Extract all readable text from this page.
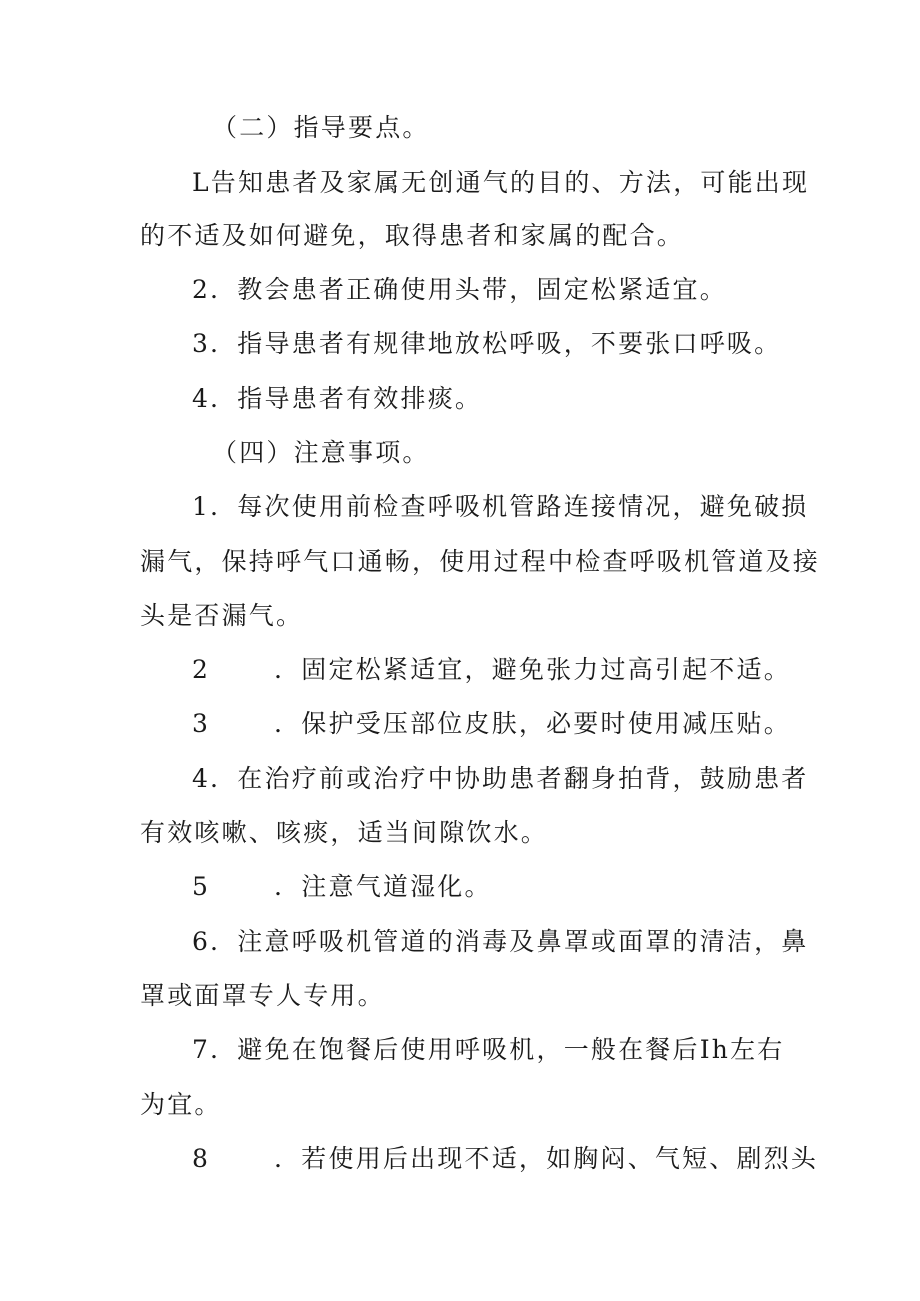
（二）指导要点。
L告知患者及家属无创通气的目的、方法，可能出现
的不适及如何避免，取得患者和家属的配合。
2．教会患者正确使用头带，固定松紧适宜。
3．指导患者有规律地放松呼吸，不要张口呼吸。
4．指导患者有效排痰。
（四）注意事项。
1．每次使用前检查呼吸机管路连接情况，避免破损
漏气，保持呼气口通畅，使用过程中检查呼吸机管道及接
头是否漏气。
2	．固定松紧适宜，避免张力过高引起不适。
3	．保护受压部位皮肤，必要时使用减压贴。
4．在治疗前或治疗中协助患者翻身拍背，鼓励患者
有效咳嗽、咳痰，适当间隙饮水。
5	．注意气道湿化。
6．注意呼吸机管道的消毒及鼻罩或面罩的清洁，鼻
罩或面罩专人专用。
7．避免在饱餐后使用呼吸机，一般在餐后Ih左右
为宜。
8	．若使用后出现不适，如胸闷、气短、剧烈头
